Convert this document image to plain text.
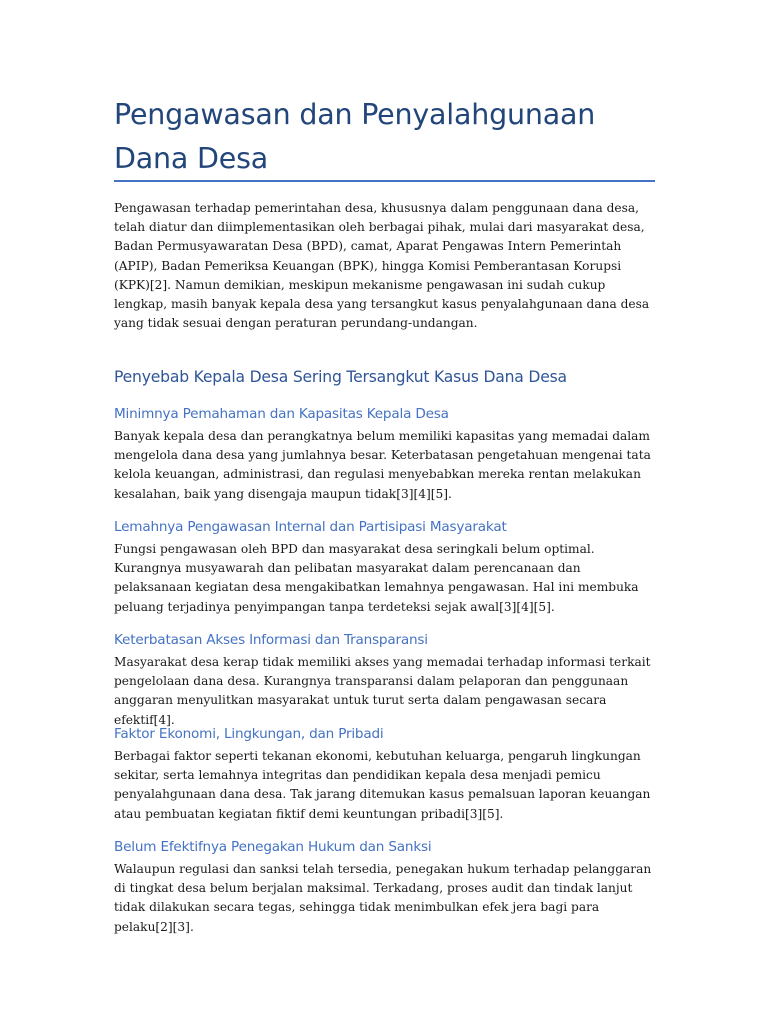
Pengawasan dan Penyalahgunaan Dana Desa

Pengawasan terhadap pemerintahan desa, khususnya dalam penggunaan dana desa, telah diatur dan diimplementasikan oleh berbagai pihak, mulai dari masyarakat desa, Badan Permusyawaratan Desa (BPD), camat, Aparat Pengawas Intern Pemerintah (APIP), Badan Pemeriksa Keuangan (BPK), hingga Komisi Pemberantasan Korupsi (KPK)[2]. Namun demikian, meskipun mekanisme pengawasan ini sudah cukup lengkap, masih banyak kepala desa yang tersangkut kasus penyalahgunaan dana desa yang tidak sesuai dengan peraturan perundang-undangan.

Penyebab Kepala Desa Sering Tersangkut Kasus Dana Desa
Minimnya Pemahaman dan Kapasitas Kepala Desa

Banyak kepala desa dan perangkatnya belum memiliki kapasitas yang memadai dalam mengelola dana desa yang jumlahnya besar. Keterbatasan pengetahuan mengenai tata kelola keuangan, administrasi, dan regulasi menyebabkan mereka rentan melakukan kesalahan, baik yang disengaja maupun tidak[3][4][5].

Lemahnya Pengawasan Internal dan Partisipasi Masyarakat

Fungsi pengawasan oleh BPD dan masyarakat desa seringkali belum optimal. Kurangnya musyawarah dan pelibatan masyarakat dalam perencanaan dan pelaksanaan kegiatan desa mengakibatkan lemahnya pengawasan. Hal ini membuka peluang terjadinya penyimpangan tanpa terdeteksi sejak awal[3][4][5].

Keterbatasan Akses Informasi dan Transparansi

Masyarakat desa kerap tidak memiliki akses yang memadai terhadap informasi terkait pengelolaan dana desa. Kurangnya transparansi dalam pelaporan dan penggunaan anggaran menyulitkan masyarakat untuk turut serta dalam pengawasan secara efektif[4].

Faktor Ekonomi, Lingkungan, dan Pribadi

Berbagai faktor seperti tekanan ekonomi, kebutuhan keluarga, pengaruh lingkungan sekitar, serta lemahnya integritas dan pendidikan kepala desa menjadi pemicu penyalahgunaan dana desa. Tak jarang ditemukan kasus pemalsuan laporan keuangan atau pembuatan kegiatan fiktif demi keuntungan pribadi[3][5].

Belum Efektifnya Penegakan Hukum dan Sanksi

Walaupun regulasi dan sanksi telah tersedia, penegakan hukum terhadap pelanggaran di tingkat desa belum berjalan maksimal. Terkadang, proses audit dan tindak lanjut tidak dilakukan secara tegas, sehingga tidak menimbulkan efek jera bagi para pelaku[2][3].
